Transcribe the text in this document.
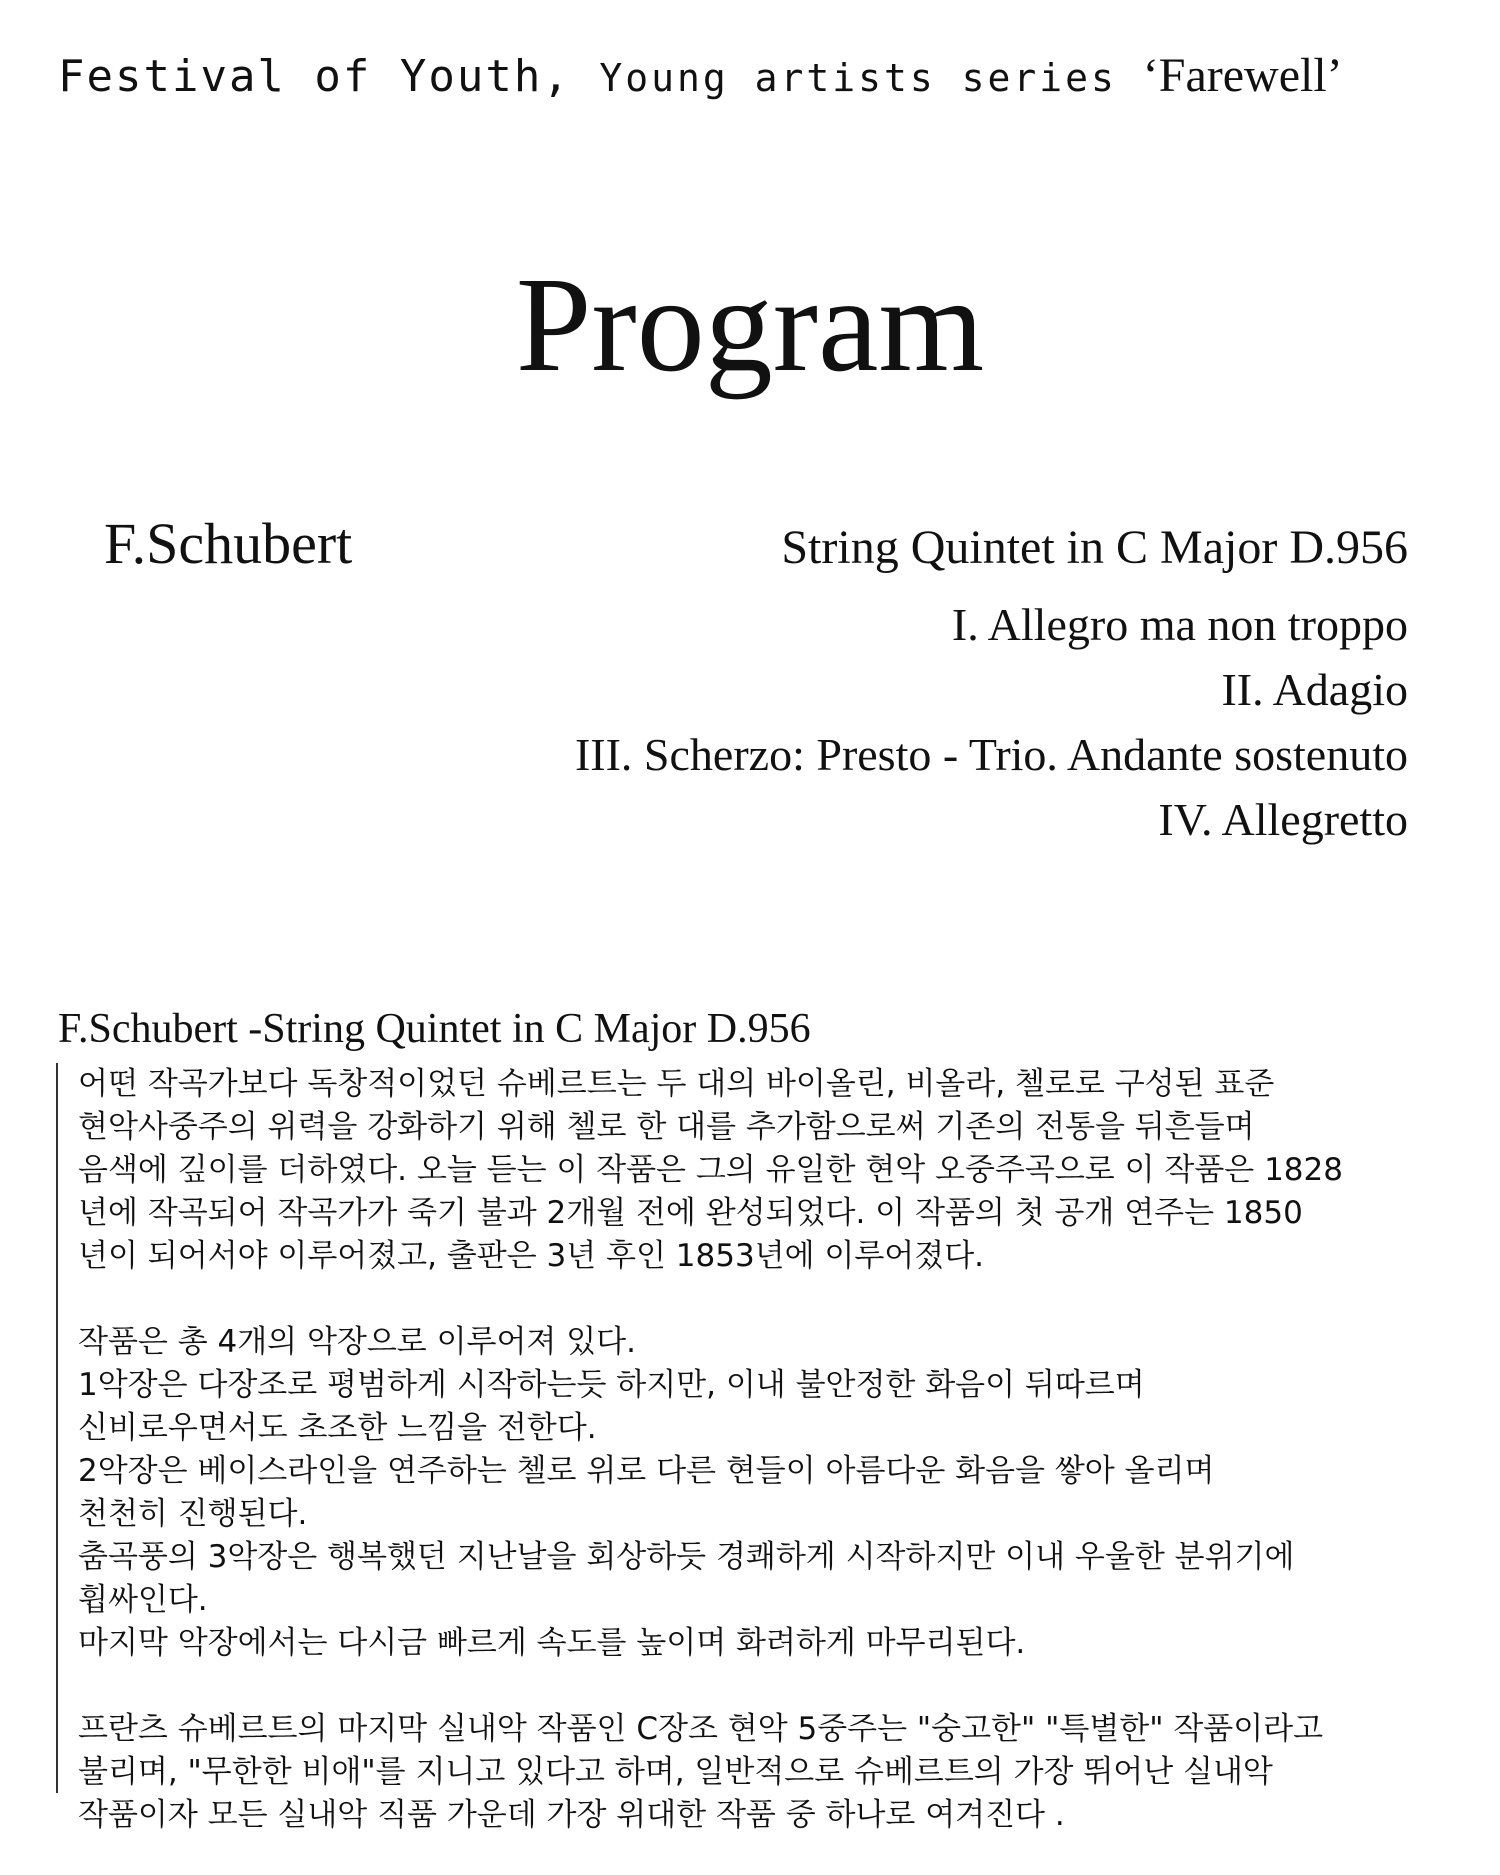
Festival of Youth, Young artists series ‘Farewell’
Program
F.Schubert	String Quintet in C Major D.956
I. Allegro ma non troppo
II. Adagio
III. Scherzo: Presto - Trio. Andante sostenuto
IV. Allegretto
F.Schubert -String Quintet in C Major D.956
어떤 작곡가보다 독창적이었던 슈베르트는 두 대의 바이올린, 비올라, 첼로로 구성된 표준
현악사중주의 위력을 강화하기 위해 첼로 한 대를 추가함으로써 기존의 전통을 뒤흔들며
음색에 깊이를 더하였다. 오늘 듣는 이 작품은 그의 유일한 현악 오중주곡으로 이 작품은 1828
년에 작곡되어 작곡가가 죽기 불과 2개월 전에 완성되었다. 이 작품의 첫 공개 연주는 1850
년이 되어서야 이루어졌고, 출판은 3년 후인 1853년에 이루어졌다.
작품은 총 4개의 악장으로 이루어져 있다.
1악장은 다장조로 평범하게 시작하는듯 하지만, 이내 불안정한 화음이 뒤따르며
신비로우면서도 초조한 느낌을 전한다.
2악장은 베이스라인을 연주하는 첼로 위로 다른 현들이 아름다운 화음을 쌓아 올리며
천천히 진행된다.
춤곡풍의 3악장은 행복했던 지난날을 회상하듯 경쾌하게 시작하지만 이내 우울한 분위기에
휩싸인다.
마지막 악장에서는 다시금 빠르게 속도를 높이며 화려하게 마무리된다.
프란츠 슈베르트의 마지막 실내악 작품인 C장조 현악 5중주는 "숭고한" "특별한" 작품이라고
불리며, "무한한 비애"를 지니고 있다고 하며, 일반적으로 슈베르트의 가장 뛰어난 실내악
작품이자 모든 실내악 직품 가운데 가장 위대한 작품 중 하나로 여겨진다 .
